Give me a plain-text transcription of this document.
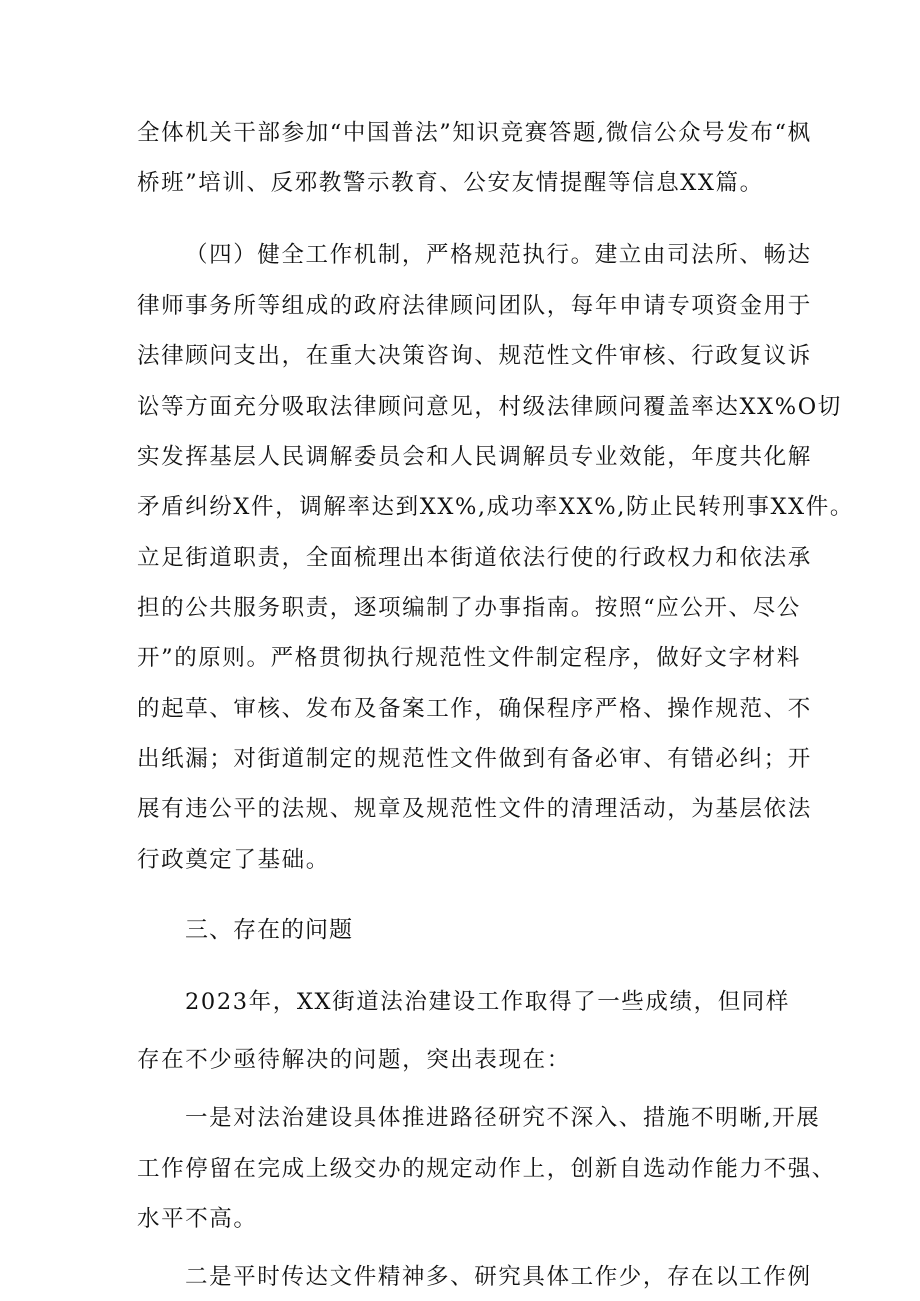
全体机关干部参加“中国普法”知识竞赛答题,微信公众号发布“枫
桥班”培训、反邪教警示教育、公安友情提醒等信息XX篇。
（四）健全工作机制，严格规范执行。建立由司法所、畅达
律师事务所等组成的政府法律顾问团队，每年申请专项资金用于
法律顾问支出，在重大决策咨询、规范性文件审核、行政复议诉
讼等方面充分吸取法律顾问意见，村级法律顾问覆盖率达XX%O切
实发挥基层人民调解委员会和人民调解员专业效能，年度共化解
矛盾纠纷X件，调解率达到XX%,成功率XX%,防止民转刑事XX件。
立足街道职责，全面梳理出本街道依法行使的行政权力和依法承
担的公共服务职责，逐项编制了办事指南。按照“应公开、尽公
开”的原则。严格贯彻执行规范性文件制定程序，做好文字材料
的起草、审核、发布及备案工作，确保程序严格、操作规范、不
出纸漏；对街道制定的规范性文件做到有备必审、有错必纠；开
展有违公平的法规、规章及规范性文件的清理活动，为基层依法
行政奠定了基础。
三、存在的问题
2023年，XX街道法治建设工作取得了一些成绩，但同样
存在不少亟待解决的问题，突出表现在：
一是对法治建设具体推进路径研究不深入、措施不明晰,开展
工作停留在完成上级交办的规定动作上，创新自选动作能力不强、
水平不高。
二是平时传达文件精神多、研究具体工作少，存在以工作例
